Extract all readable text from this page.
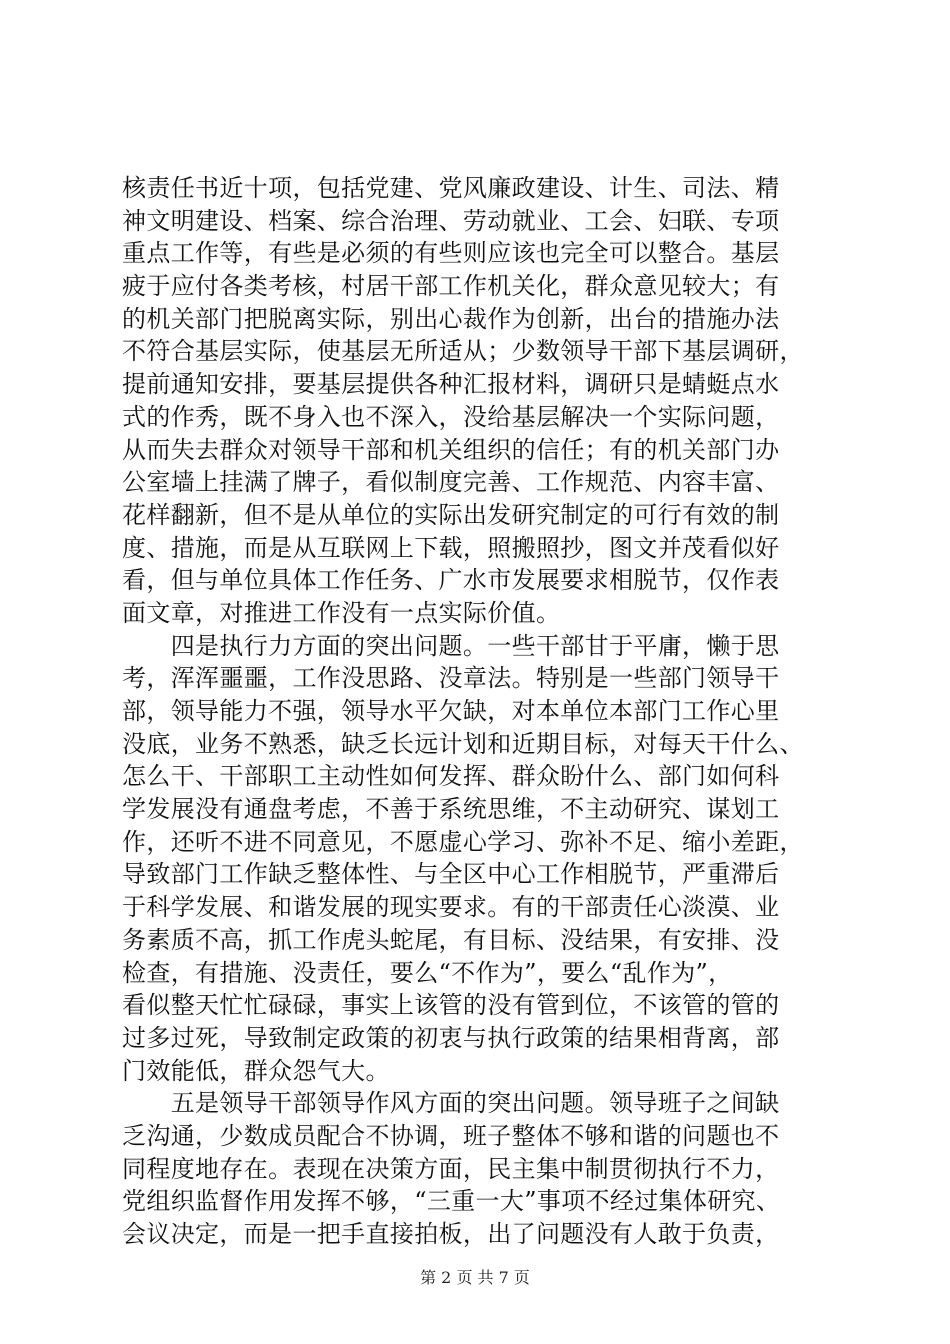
核责任书近十项，包括党建、党风廉政建设、计生、司法、精
神文明建设、档案、综合治理、劳动就业、工会、妇联、专项
重点工作等，有些是必须的有些则应该也完全可以整合。基层
疲于应付各类考核，村居干部工作机关化，群众意见较大；有
的机关部门把脱离实际，别出心裁作为创新，出台的措施办法
不符合基层实际，使基层无所适从；少数领导干部下基层调研，
提前通知安排，要基层提供各种汇报材料，调研只是蜻蜓点水
式的作秀，既不身入也不深入，没给基层解决一个实际问题，
从而失去群众对领导干部和机关组织的信任；有的机关部门办
公室墙上挂满了牌子，看似制度完善、工作规范、内容丰富、
花样翻新，但不是从单位的实际出发研究制定的可行有效的制
度、措施，而是从互联网上下载，照搬照抄，图文并茂看似好
看，但与单位具体工作任务、广水市发展要求相脱节，仅作表
面文章，对推进工作没有一点实际价值。
　　四是执行力方面的突出问题。一些干部甘于平庸，懒于思
考，浑浑噩噩，工作没思路、没章法。特别是一些部门领导干
部，领导能力不强，领导水平欠缺，对本单位本部门工作心里
没底，业务不熟悉，缺乏长远计划和近期目标，对每天干什么、
怎么干、干部职工主动性如何发挥、群众盼什么、部门如何科
学发展没有通盘考虑，不善于系统思维，不主动研究、谋划工
作，还听不进不同意见，不愿虚心学习、弥补不足、缩小差距，
导致部门工作缺乏整体性、与全区中心工作相脱节，严重滞后
于科学发展、和谐发展的现实要求。有的干部责任心淡漠、业
务素质不高，抓工作虎头蛇尾，有目标、没结果，有安排、没
检查，有措施、没责任，要么“不作为”，要么“乱作为”，
看似整天忙忙碌碌，事实上该管的没有管到位，不该管的管的
过多过死，导致制定政策的初衷与执行政策的结果相背离，部
门效能低，群众怨气大。
　　五是领导干部领导作风方面的突出问题。领导班子之间缺
乏沟通，少数成员配合不协调，班子整体不够和谐的问题也不
同程度地存在。表现在决策方面，民主集中制贯彻执行不力，
党组织监督作用发挥不够，“三重一大”事项不经过集体研究、
会议决定，而是一把手直接拍板，出了问题没有人敢于负责，
第 2 页 共 7 页
